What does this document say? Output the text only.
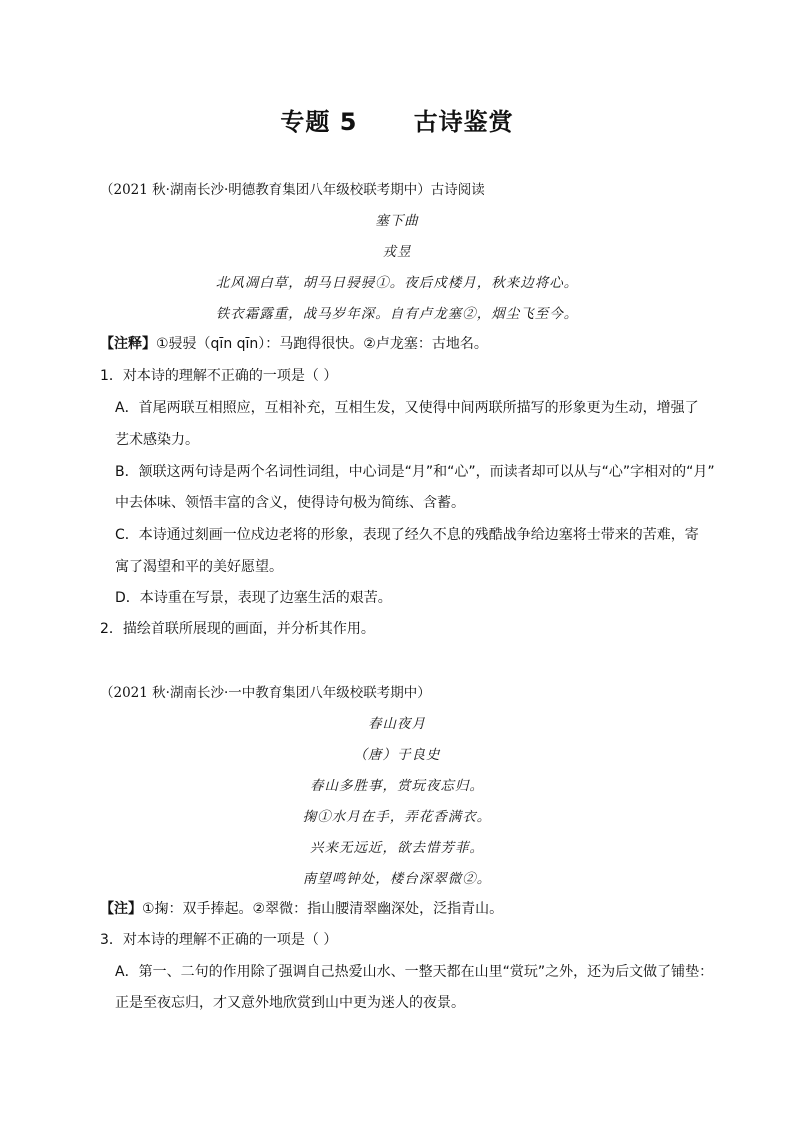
专题 5      古诗鉴赏
（2021 秋·湖南长沙·明德教育集团八年级校联考期中）古诗阅读
塞下曲
戎昱
北风凋白草，胡马日骎骎①。夜后戍楼月，秋来边将心。
铁衣霜露重，战马岁年深。自有卢龙塞②，烟尘飞至今。
【注释】①骎骎（qīn qīn）：马跑得很快。②卢龙塞：古地名。
1．对本诗的理解不正确的一项是（ ）
A．首尾两联互相照应，互相补充，互相生发，又使得中间两联所描写的形象更为生动，增强了
艺术感染力。
B．颔联这两句诗是两个名词性词组，中心词是“月”和“心”，而读者却可以从与“心”字相对的“月”
中去体味、领悟丰富的含义，使得诗句极为简练、含蓄。
C．本诗通过刻画一位戍边老将的形象，表现了经久不息的残酷战争给边塞将士带来的苦难，寄
寓了渴望和平的美好愿望。
D．本诗重在写景，表现了边塞生活的艰苦。
2．描绘首联所展现的画面，并分析其作用。
（2021 秋·湖南长沙·一中教育集团八年级校联考期中）
春山夜月
（唐）于良史
春山多胜事，赏玩夜忘归。
掬①水月在手，弄花香满衣。
兴来无远近，欲去惜芳菲。
南望鸣钟处，楼台深翠微②。
【注】①掬：双手捧起。②翠微：指山腰清翠幽深处，泛指青山。
3．对本诗的理解不正确的一项是（ ）
A．第一、二句的作用除了强调自己热爱山水、一整天都在山里“赏玩”之外，还为后文做了铺垫：
正是至夜忘归，才又意外地欣赏到山中更为迷人的夜景。
